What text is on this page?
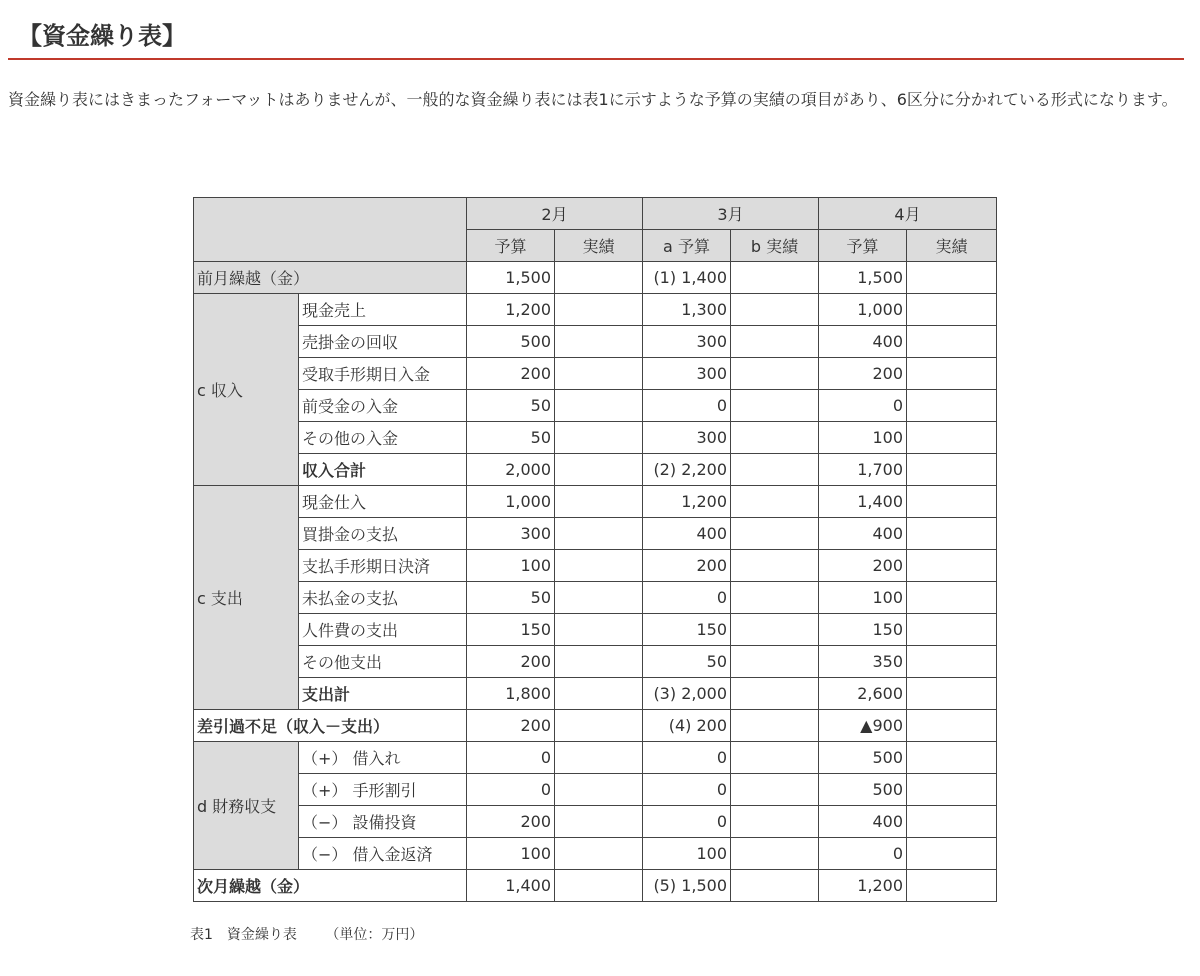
【資金繰り表】

資金繰り表にはきまったフォーマットはありませんが、一般的な資金繰り表には表1に示すような予算の実績の項目があり、6区分に分かれている形式になります。

		2月		3月		4月	
		予算	実績	a 予算	b 実績	予算	実績
前月繰越（金）		1,500		(1) 1,400		1,500	
c 収入	現金売上	1,200		1,300		1,000	
	売掛金の回収	500		300		400	
	受取手形期日入金	200		300		200	
	前受金の入金	50		0		0	
	その他の入金	50		300		100	
	収入合計	2,000		(2) 2,200		1,700	
c 支出	現金仕入	1,000		1,200		1,400	
	買掛金の支払	300		400		400	
	支払手形期日決済	100		200		200	
	未払金の支払	50		0		100	
	人件費の支出	150		150		150	
	その他支出	200		50		350	
	支出計	1,800		(3) 2,000		2,600	
差引過不足（収入－支出）		200		(4) 200		▲900	
d 財務収支	（+） 借入れ	0		0		500	
	（+） 手形割引	0		0		500	
	（−） 設備投資	200		0		400	
	（−） 借入金返済	100		100		0	
次月繰越（金）		1,400		(5) 1,500		1,200	
表1　資金繰り表 （単位：万円）
